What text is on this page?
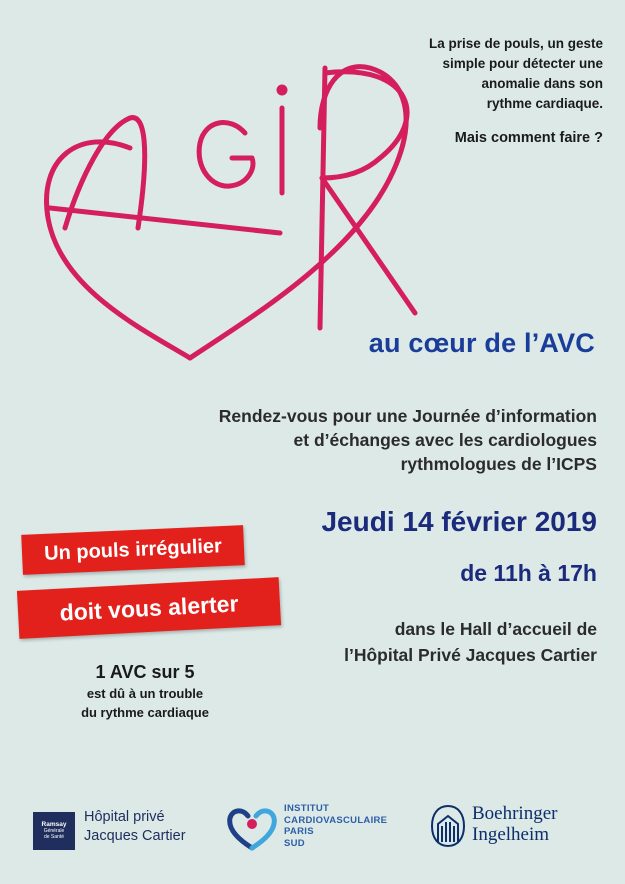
La prise de pouls, un geste
simple pour détecter une
anomalie dans son
rythme cardiaque.
Mais comment faire ?
au cœur de l’AVC
Rendez-vous pour une Journée d’information
et d’échanges avec les cardiologues
rythmologues de l’ICPS
Jeudi 14 février 2019
de 11h à 17h
dans le Hall d’accueil de
l’Hôpital Privé Jacques Cartier
Un pouls irrégulier
doit vous alerter
1 AVC sur 5
est dû à un trouble
du rythme cardiaque
Ramsay
Générale
de Santé
Hôpital privé
Jacques Cartier
INSTITUT
CARDIOVASCULAIRE
PARIS
SUD
Boehringer
Ingelheim
